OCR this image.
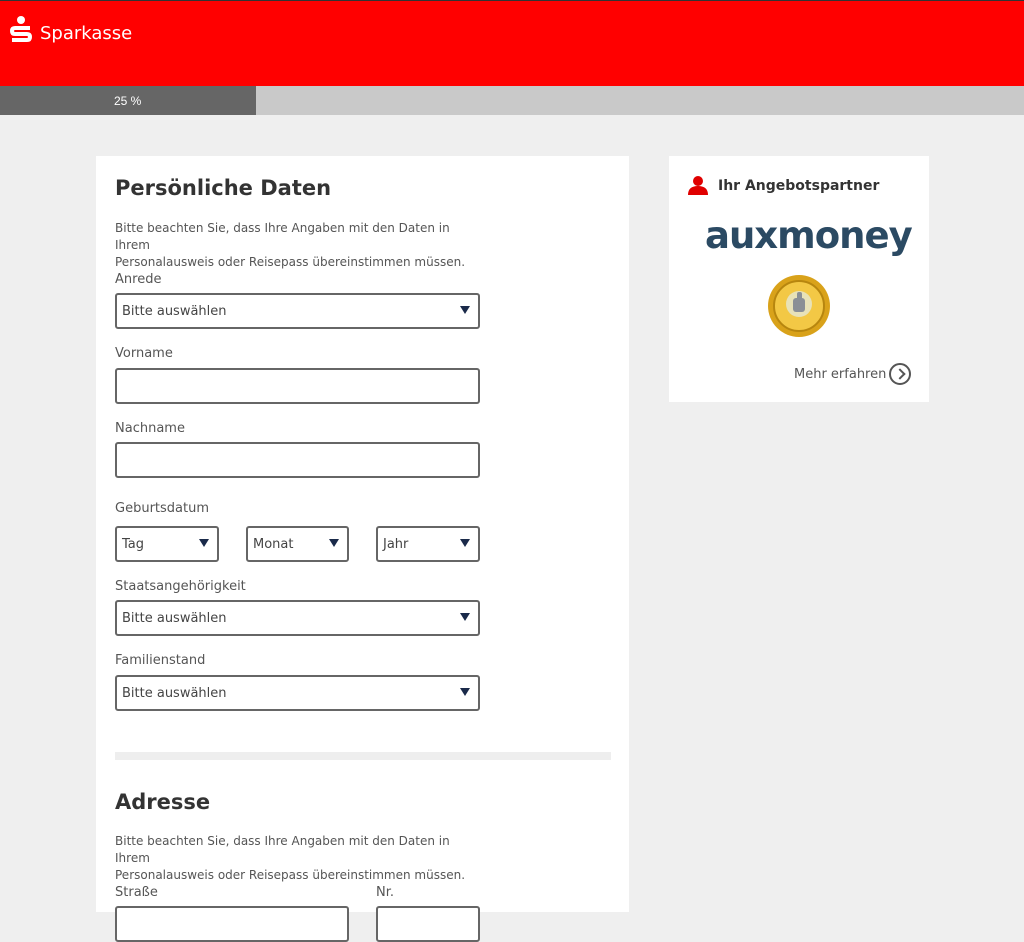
Sparkasse
25 %
Persönliche Daten
Bitte beachten Sie, dass Ihre Angaben mit den Daten in Ihrem
Personalausweis oder Reisepass übereinstimmen müssen.
Anrede
Bitte auswählen
Vorname
Nachname
Geburtsdatum
Tag	Monat	Jahr
Staatsangehörigkeit
Bitte auswählen
Familienstand
Bitte auswählen
Adresse
Bitte beachten Sie, dass Ihre Angaben mit den Daten in Ihrem
Personalausweis oder Reisepass übereinstimmen müssen.
Straße	Nr.
Ihr Angebotspartner
auxmoney
Mehr erfahren
